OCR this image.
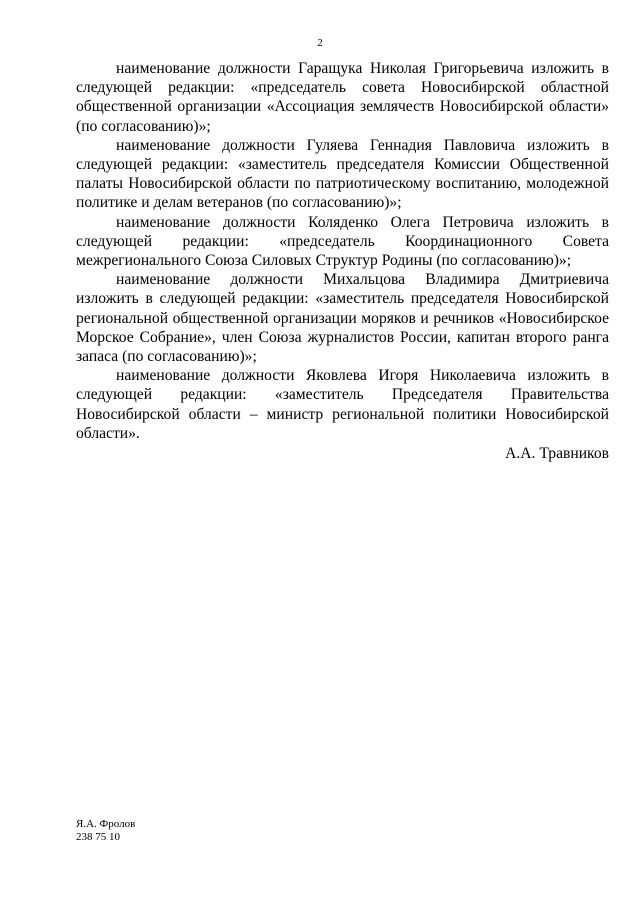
2

наименование должности Гаращука Николая Григорьевича изложить в следующей редакции: «председатель совета Новосибирской областной общественной организации «Ассоциация землячеств Новосибирской области» (по согласованию)»;

наименование должности Гуляева Геннадия Павловича изложить в следующей редакции: «заместитель председателя Комиссии Общественной палаты Новосибирской области по патриотическому воспитанию, молодежной политике и делам ветеранов (по согласованию)»;

наименование должности Коляденко Олега Петровича изложить в следующей редакции: «председатель Координационного Совета межрегионального Союза Силовых Структур Родины (по согласованию)»;

наименование должности Михальцова Владимира Дмитриевича изложить в следующей редакции: «заместитель председателя Новосибирской региональной общественной организации моряков и речников «Новосибирское Морское Собрание», член Союза журналистов России, капитан второго ранга запаса (по согласованию)»;

наименование должности Яковлева Игоря Николаевича изложить в следующей редакции: «заместитель Председателя Правительства Новосибирской области – министр региональной политики Новосибирской области».

А.А. Травников
Я.А. Фролов
238 75 10
